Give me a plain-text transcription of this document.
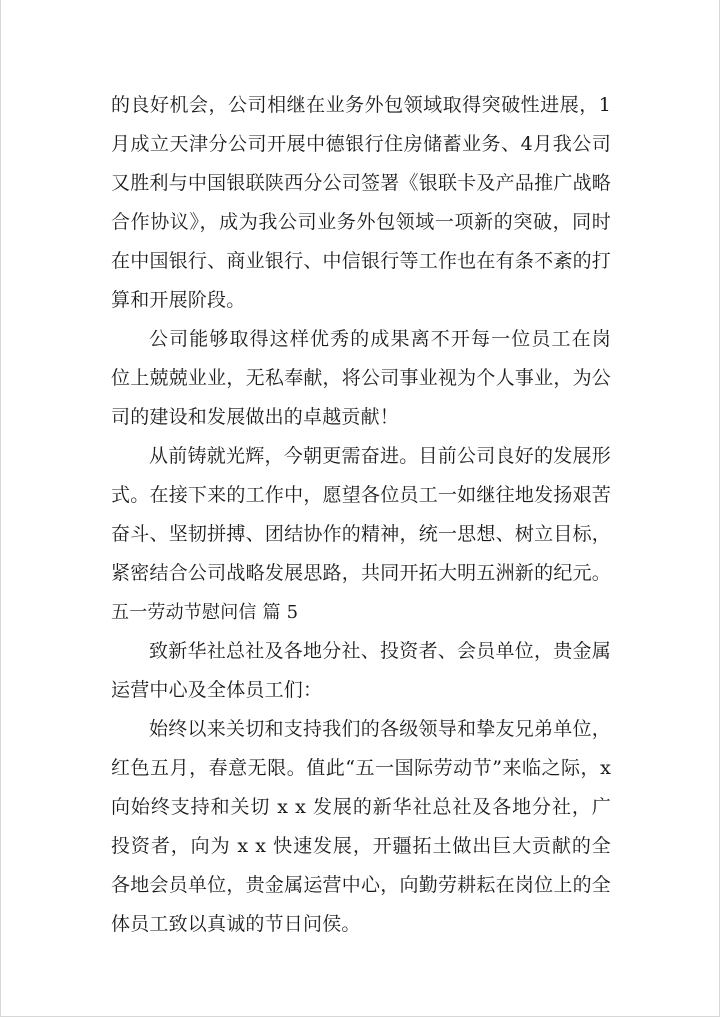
的良好机会，公司相继在业务外包领域取得突破性进展，1
月成立天津分公司开展中德银行住房储蓄业务、4月我公司
又胜利与中国银联陕西分公司签署《银联卡及产品推广战略
合作协议》，成为我公司业务外包领域一项新的突破，同时
在中国银行、商业银行、中信银行等工作也在有条不紊的打
算和开展阶段。
公司能够取得这样优秀的成果离不开每一位员工在岗
位上兢兢业业，无私奉献，将公司事业视为个人事业，为公
司的建设和发展做出的卓越贡献！
从前铸就光辉，今朝更需奋进。目前公司良好的发展形
式。在接下来的工作中，愿望各位员工一如继往地发扬艰苦
奋斗、坚韧拼搏、团结协作的精神，统一思想、树立目标，
紧密结合公司战略发展思路，共同开拓大明五洲新的纪元。
五一劳动节慰问信 篇 5
致新华社总社及各地分社、投资者、会员单位，贵金属
运营中心及全体员工们：
始终以来关切和支持我们的各级领导和挚友兄弟单位，
红色五月，春意无限。值此“五一国际劳动节”来临之际，x
向始终支持和关切 x x 发展的新华社总社及各地分社，广
投资者，向为 x x 快速发展，开疆拓土做出巨大贡献的全
各地会员单位，贵金属运营中心，向勤劳耕耘在岗位上的全
体员工致以真诚的节日问侯。
